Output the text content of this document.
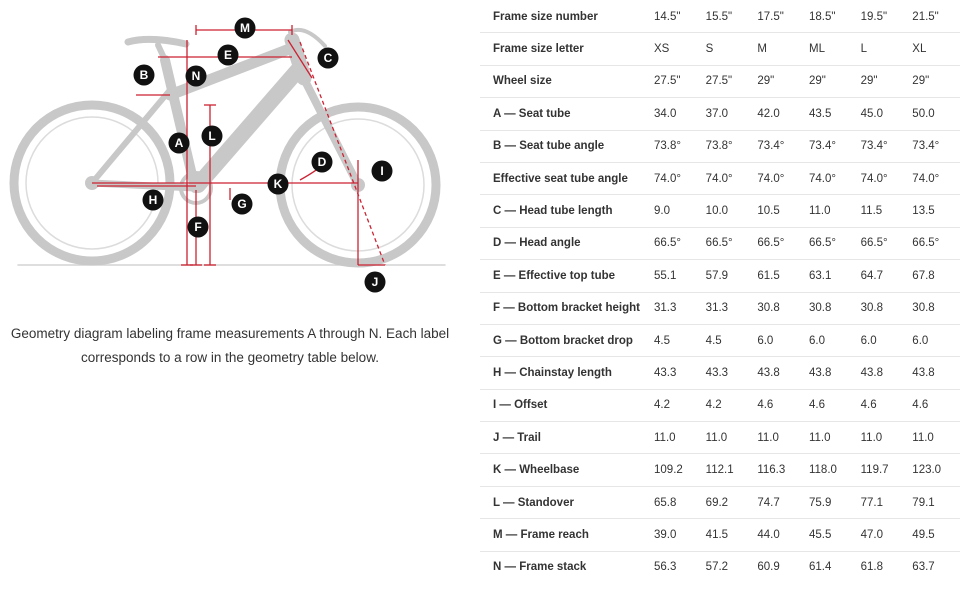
M
E	C
B	N
A L
D
I
K
H	G
F
J
Geometry diagram labeling frame measurements A through N. Each label corresponds to a row in the geometry table below.
Frame size number	14.5"	15.5"	17.5"	18.5"	19.5"	21.5"
Frame size letter	XS	S	M	ML	L	XL
Wheel size	27.5"	27.5"	29"	29"	29"	29"
A — Seat tube	34.0	37.0	42.0	43.5	45.0	50.0
B — Seat tube angle	73.8°	73.8°	73.4°	73.4°	73.4°	73.4°
Effective seat tube angle	74.0°	74.0°	74.0°	74.0°	74.0°	74.0°
C — Head tube length	9.0	10.0	10.5	11.0	11.5	13.5
D — Head angle	66.5°	66.5°	66.5°	66.5°	66.5°	66.5°
E — Effective top tube	55.1	57.9	61.5	63.1	64.7	67.8
F — Bottom bracket height	31.3	31.3	30.8	30.8	30.8	30.8
G — Bottom bracket drop	4.5	4.5	6.0	6.0	6.0	6.0
H — Chainstay length	43.3	43.3	43.8	43.8	43.8	43.8
I — Offset	4.2	4.2	4.6	4.6	4.6	4.6
J — Trail	11.0	11.0	11.0	11.0	11.0	11.0
K — Wheelbase	109.2	112.1	116.3	118.0	119.7	123.0
L — Standover	65.8	69.2	74.7	75.9	77.1	79.1
M — Frame reach	39.0	41.5	44.0	45.5	47.0	49.5
N — Frame stack	56.3	57.2	60.9	61.4	61.8	63.7
